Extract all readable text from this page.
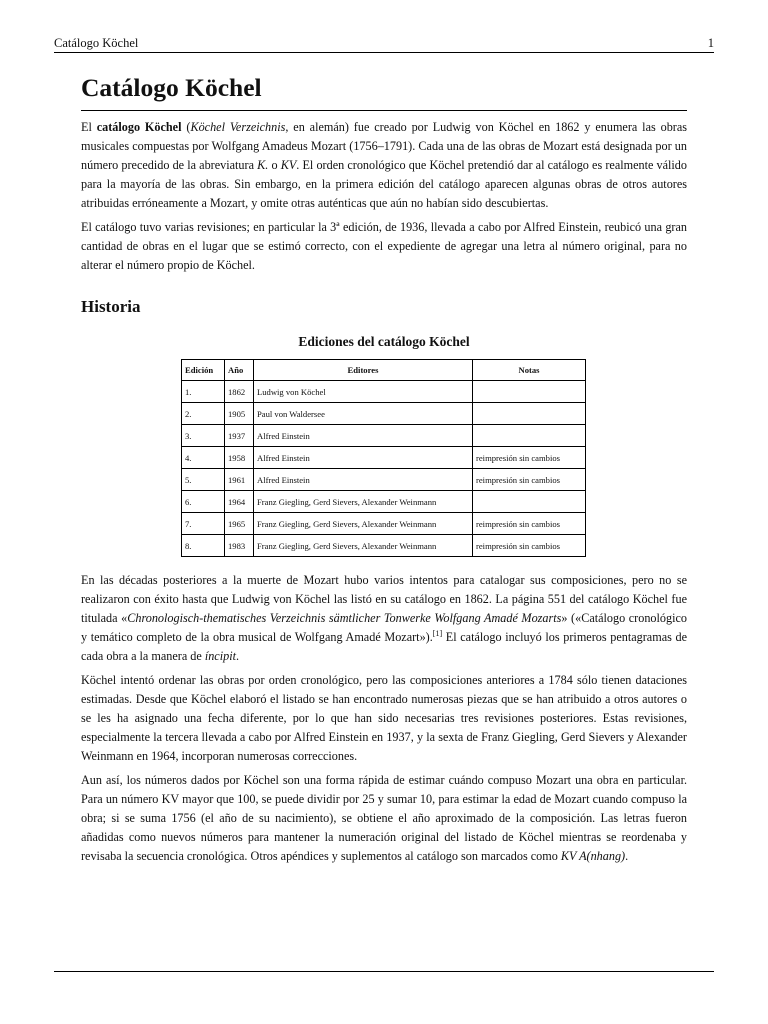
Catálogo Köchel	1
Catálogo Köchel

El catálogo Köchel (Köchel Verzeichnis, en alemán) fue creado por Ludwig von Köchel en 1862 y enumera las obras musicales compuestas por Wolfgang Amadeus Mozart (1756–1791). Cada una de las obras de Mozart está designada por un número precedido de la abreviatura K. o KV. El orden cronológico que Köchel pretendió dar al catálogo es realmente válido para la mayoría de las obras. Sin embargo, en la primera edición del catálogo aparecen algunas obras de otros autores atribuidas erróneamente a Mozart, y omite otras auténticas que aún no habían sido descubiertas.

El catálogo tuvo varias revisiones; en particular la 3ª edición, de 1936, llevada a cabo por Alfred Einstein, reubicó una gran cantidad de obras en el lugar que se estimó correcto, con el expediente de agregar una letra al número original, para no alterar el número propio de Köchel.

Historia
Ediciones del catálogo Köchel
Edición	Año	Editores	Notas
1.	1862	Ludwig von Köchel	
2.	1905	Paul von Waldersee	
3.	1937	Alfred Einstein	
4.	1958	Alfred Einstein	reimpresión sin cambios
5.	1961	Alfred Einstein	reimpresión sin cambios
6.	1964	Franz Giegling, Gerd Sievers, Alexander Weinmann	
7.	1965	Franz Giegling, Gerd Sievers, Alexander Weinmann	reimpresión sin cambios
8.	1983	Franz Giegling, Gerd Sievers, Alexander Weinmann	reimpresión sin cambios

En las décadas posteriores a la muerte de Mozart hubo varios intentos para catalogar sus composiciones, pero no se realizaron con éxito hasta que Ludwig von Köchel las listó en su catálogo en 1862. La página 551 del catálogo Köchel fue titulada «Chronologisch-thematisches Verzeichnis sämtlicher Tonwerke Wolfgang Amadé Mozarts» («Catálogo cronológico y temático completo de la obra musical de Wolfgang Amadé Mozart»).[1] El catálogo incluyó los primeros pentagramas de cada obra a la manera de íncipit.

Köchel intentó ordenar las obras por orden cronológico, pero las composiciones anteriores a 1784 sólo tienen dataciones estimadas. Desde que Köchel elaboró el listado se han encontrado numerosas piezas que se han atribuido a otros autores o se les ha asignado una fecha diferente, por lo que han sido necesarias tres revisiones posteriores. Estas revisiones, especialmente la tercera llevada a cabo por Alfred Einstein en 1937, y la sexta de Franz Giegling, Gerd Sievers y Alexander Weinmann en 1964, incorporan numerosas correcciones.

Aun así, los números dados por Köchel son una forma rápida de estimar cuándo compuso Mozart una obra en particular. Para un número KV mayor que 100, se puede dividir por 25 y sumar 10, para estimar la edad de Mozart cuando compuso la obra; si se suma 1756 (el año de su nacimiento), se obtiene el año aproximado de la composición. Las letras fueron añadidas como nuevos números para mantener la numeración original del listado de Köchel mientras se reordenaba y revisaba la secuencia cronológica. Otros apéndices y suplementos al catálogo son marcados como KV A(nhang).
